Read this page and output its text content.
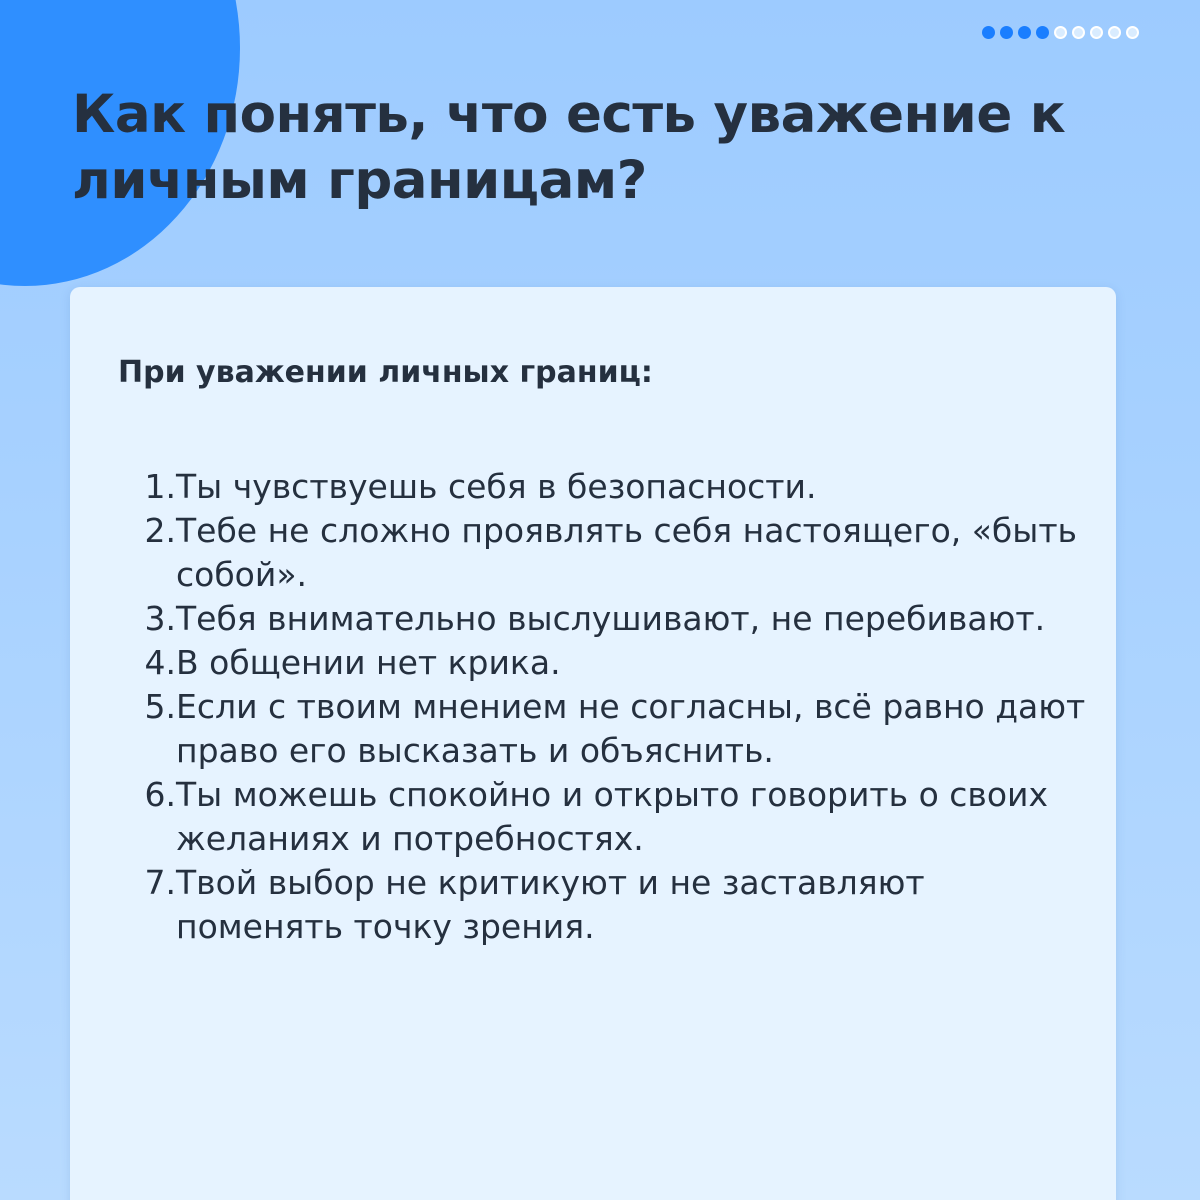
Как понять, что есть уважение к личным границам?
При уважении личных границ:
1. Ты чувствуешь себя в безопасности.
2. Тебе не сложно проявлять себя настоящего, «быть собой».
3. Тебя внимательно выслушивают, не перебивают.
4. В общении нет крика.
5. Если с твоим мнением не согласны, всё равно дают право его высказать и объяснить.
6. Ты можешь спокойно и открыто говорить о своих желаниях и потребностях.
7. Твой выбор не критикуют и не заставляют поменять точку зрения.
